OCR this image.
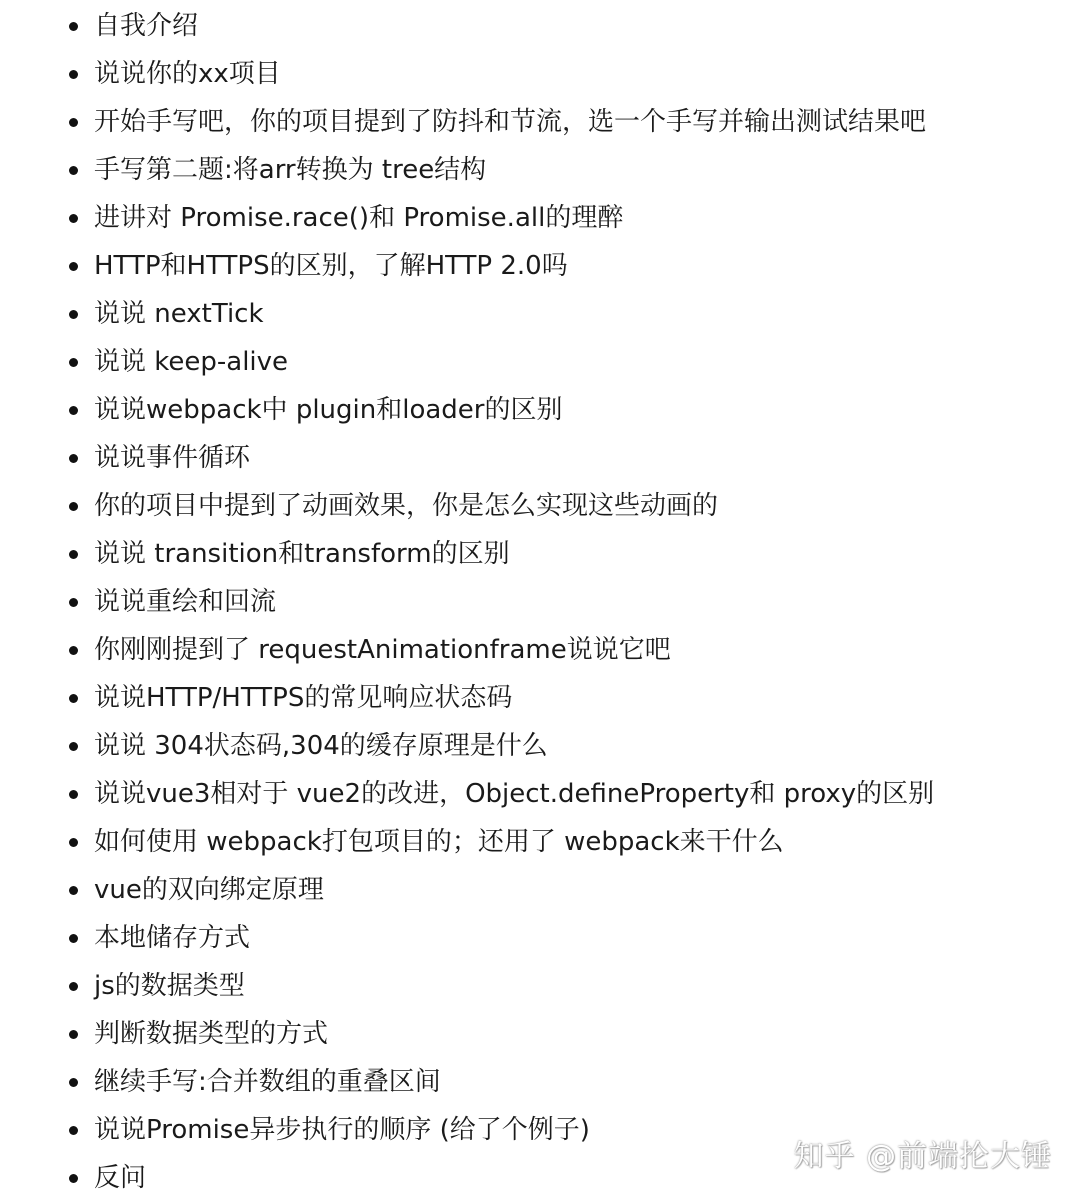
自我介绍
说说你的xx项目
开始手写吧，你的项目提到了防抖和节流，选一个手写并输出测试结果吧
手写第二题:将arr转换为 tree结构
进讲对 Promise.race()和 Promise.all的理醉
HTTP和HTTPS的区别，了解HTTP 2.0吗
说说 nextTick
说说 keep-alive
说说webpack中 plugin和loader的区别
说说事件循环
你的项目中提到了动画效果，你是怎么实现这些动画的
说说 transition和transform的区别
说说重绘和回流
你刚刚提到了 requestAnimationframe说说它吧
说说HTTP/HTTPS的常见响应状态码
说说 304状态码,304的缓存原理是什么
说说vue3相对于 vue2的改进，Object.defineProperty和 proxy的区别
如何使用 webpack打包项目的；还用了 webpack来干什么
vue的双向绑定原理
本地储存方式
js的数据类型
判断数据类型的方式
继续手写:合并数组的重叠区间
说说Promise异步执行的顺序 (给了个例子)
反问
知乎 @前端抡大锤
